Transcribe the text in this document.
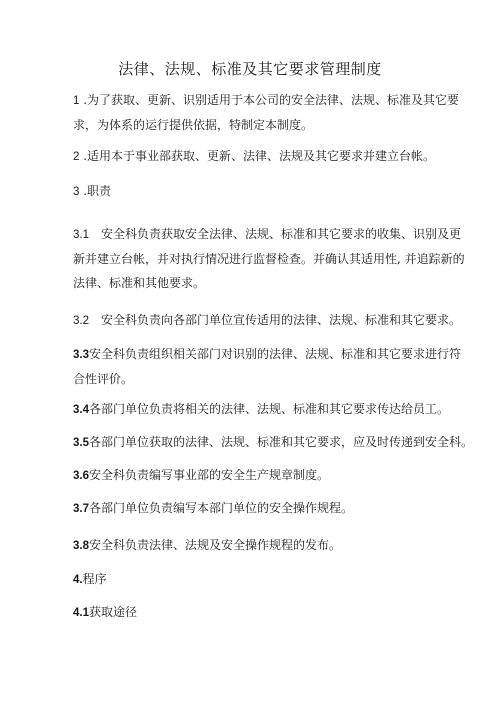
法律、法规、标准及其它要求管理制度

1 .为了获取、更新、识别适用于本公司的安全法律、法规、标准及其它要
求，为体系的运行提供依据，特制定本制度。

2 .适用本于事业部获取、更新、法律、法规及其它要求并建立台帐。

3 .职责

3.1 安全科负责获取安全法律、法规、标准和其它要求的收集、识别及更
新并建立台帐，并对执行情况进行监督检查。并确认其适用性, 并追踪新的
法律、标准和其他要求。

3.2 安全科负责向各部门单位宣传适用的法律、法规、标准和其它要求。

3.3安全科负责组织相关部门对识别的法律、法规、标准和其它要求进行符
合性评价。

3.4各部门单位负责将相关的法律、法规、标准和其它要求传达给员工。

3.5各部门单位获取的法律、法规、标准和其它要求，应及时传递到安全科。

3.6安全科负责编写事业部的安全生产规章制度。

3.7各部门单位负责编写本部门单位的安全操作规程。

3.8安全科负责法律、法规及安全操作规程的发布。

4.程序

4.1获取途径
